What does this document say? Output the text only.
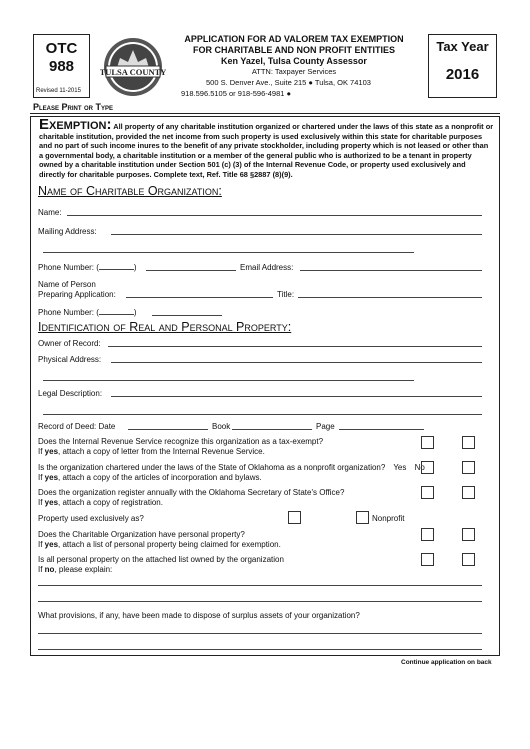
OTC
988
Revised 11-2015
TULSA COUNTY
APPLICATION FOR AD VALOREM TAX EXEMPTION
FOR CHARITABLE AND NON PROFIT ENTITIES
Ken Yazel, Tulsa County Assessor
ATTN: Taxpayer Services
500 S. Denver Ave., Suite 215 ● Tulsa, OK 74103
918.596.5105 or 918-596-4981 ●
Tax Year
2016
Please Print or Type
Exemption: All property of any charitable institution organized or chartered under the laws of this state as a nonprofit or charitable institution, provided the net income from such property is used exclusively within this state for charitable purposes and no part of such income inures to the benefit of any private stockholder, including property which is not leased or other than a governmental body, a charitable institution or a member of the general public who is authorized to be a tenant in property owned by a charitable institution under Section 501 (c) (3) of the Internal Revenue Code, or property used exclusively and directly for charitable purposes. Complete text, Ref. Title 68 §2887 (8)(9).
Name of Charitable Organization:
Name:
Mailing Address:
Phone Number: (	)	Email Address:
Name of Person
Preparing Application:	Title:
Phone Number: (	)
Identification of Real and Personal Property:
Owner of Record:
Physical Address:
Legal Description:
Record of Deed: Date	Book	Page
Does the Internal Revenue Service recognize this organization as a tax-exempt?
If yes, attach a copy of letter from the Internal Revenue Service.
Is the organization chartered under the laws of the State of Oklahoma as a nonprofit organization? Yes No
If yes, attach a copy of the articles of incorporation and bylaws.
Does the organization register annually with the Oklahoma Secretary of State's Office?
If yes, attach a copy of registration.
Property used exclusively as?	Nonprofit
Does the Charitable Organization have personal property?
If yes, attach a list of personal property being claimed for exemption.
Is all personal property on the attached list owned by the organization
If no, please explain:
What provisions, if any, have been made to dispose of surplus assets of your organization?
Continue application on back
